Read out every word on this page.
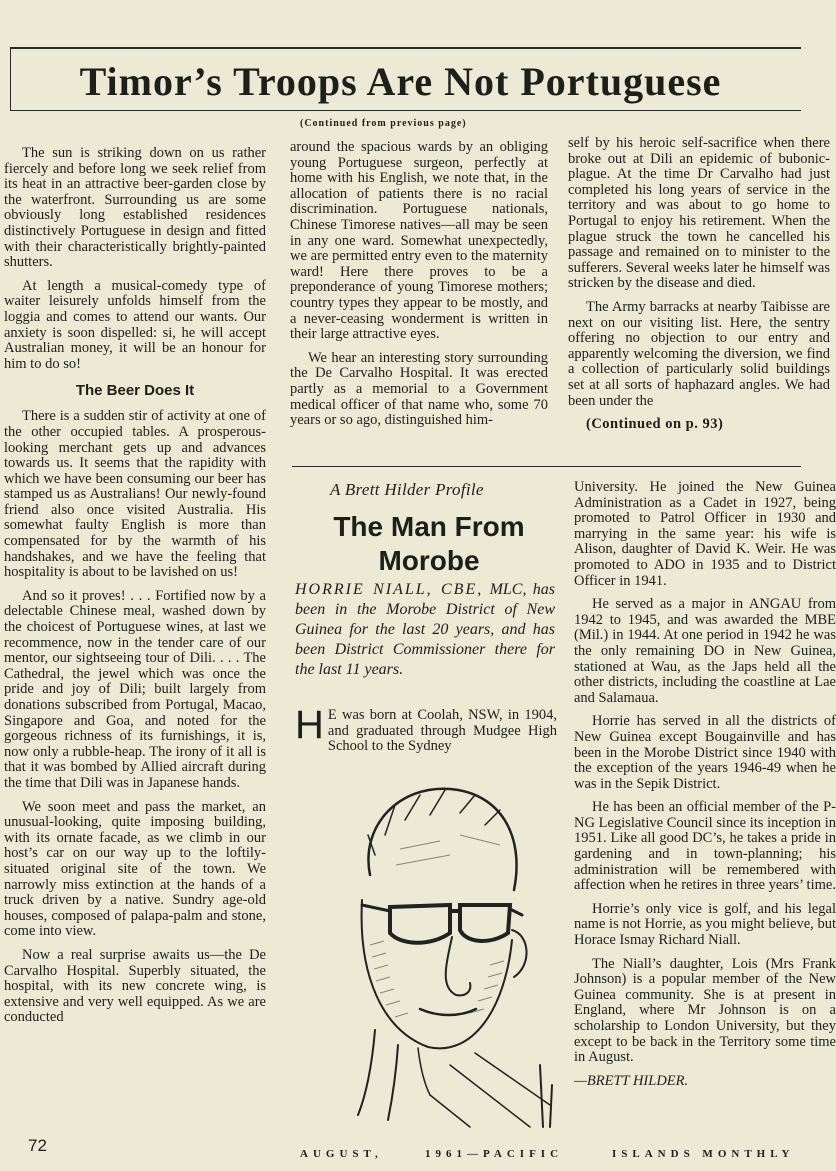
Timor’s Troops Are Not Portuguese
(Continued from previous page)

The sun is striking down on us rather fiercely and before long we seek relief from its heat in an attractive beer-garden close by the waterfront. Surrounding us are some obviously long established residences distinctively Portuguese in design and fitted with their characteristically brightly-painted shutters.

At length a musical-comedy type of waiter leisurely unfolds himself from the loggia and comes to attend our wants. Our anxiety is soon dispelled: si, he will accept Australian money, it will be an honour for him to do so!

The Beer Does It

There is a sudden stir of activity at one of the other occupied tables. A prosperous-looking merchant gets up and advances towards us. It seems that the rapidity with which we have been consuming our beer has stamped us as Australians! Our newly-found friend also once visited Australia. His somewhat faulty English is more than compensated for by the warmth of his handshakes, and we have the feeling that hospitality is about to be lavished on us!

And so it proves! . . . Fortified now by a delectable Chinese meal, washed down by the choicest of Portuguese wines, at last we recommence, now in the tender care of our mentor, our sightseeing tour of Dili. . . . The Cathedral, the jewel which was once the pride and joy of Dili; built largely from donations subscribed from Portugal, Macao, Singapore and Goa, and noted for the gorgeous richness of its furnishings, it is, now only a rubble-heap. The irony of it all is that it was bombed by Allied aircraft during the time that Dili was in Japanese hands.

We soon meet and pass the market, an unusual-looking, quite imposing building, with its ornate facade, as we climb in our host’s car on our way up to the loftily-situated original site of the town. We narrowly miss extinction at the hands of a truck driven by a native. Sundry age-old houses, composed of palapa-palm and stone, come into view.

Now a real surprise awaits us—the De Carvalho Hospital. Superbly situated, the hospital, with its new concrete wing, is extensive and very well equipped. As we are conducted

around the spacious wards by an obliging young Portuguese surgeon, perfectly at home with his English, we note that, in the allocation of patients there is no racial discrimination. Portuguese nationals, Chinese Timorese natives—all may be seen in any one ward. Somewhat unexpectedly, we are permitted entry even to the maternity ward! Here there proves to be a preponderance of young Timorese mothers; country types they appear to be mostly, and a never-ceasing wonderment is written in their large attractive eyes.

We hear an interesting story surrounding the De Carvalho Hospital. It was erected partly as a memorial to a Government medical officer of that name who, some 70 years or so ago, distinguished him-

self by his heroic self-sacrifice when there broke out at Dili an epidemic of bubonic-plague. At the time Dr Carvalho had just completed his long years of service in the territory and was about to go home to Portugal to enjoy his retirement. When the plague struck the town he cancelled his passage and remained on to minister to the sufferers. Several weeks later he himself was stricken by the disease and died.

The Army barracks at nearby Taibisse are next on our visiting list. Here, the sentry offering no objection to our entry and apparently welcoming the diversion, we find a collection of particularly solid buildings set at all sorts of haphazard angles. We had been under the

(Continued on p. 93)

A Brett Hilder Profile
The Man From Morobe

HORRIE NIALL, CBE, MLC, has been in the Morobe District of New Guinea for the last 20 years, and has been District Commissioner there for the last 11 years.

H E was born at Coolah, NSW, in 1904, and graduated through Mudgee High School to the Sydney

University. He joined the New Guinea Administration as a Cadet in 1927, being promoted to Patrol Officer in 1930 and marrying in the same year: his wife is Alison, daughter of David K. Weir. He was promoted to ADO in 1935 and to District Officer in 1941.

He served as a major in ANGAU from 1942 to 1945, and was awarded the MBE (Mil.) in 1944. At one period in 1942 he was the only remaining DO in New Guinea, stationed at Wau, as the Japs held all the other districts, including the coastline at Lae and Salamaua.

Horrie has served in all the districts of New Guinea except Bougainville and has been in the Morobe District since 1940 with the exception of the years 1946-49 when he was in the Sepik District.

He has been an official member of the P-NG Legislative Council since its inception in 1951. Like all good DC’s, he takes a pride in gardening and in town-planning; his administration will be remembered with affection when he retires in three years’ time.

Horrie’s only vice is golf, and his legal name is not Horrie, as you might believe, but Horace Ismay Richard Niall.

The Niall’s daughter, Lois (Mrs Frank Johnson) is a popular member of the New Guinea community. She is at present in England, where Mr Johnson is on a scholarship to London University, but they except to be back in the Territory some time in August.

—BRETT HILDER.

72	AUGUST,	1961—PACIFIC	ISLANDS MONTHLY
